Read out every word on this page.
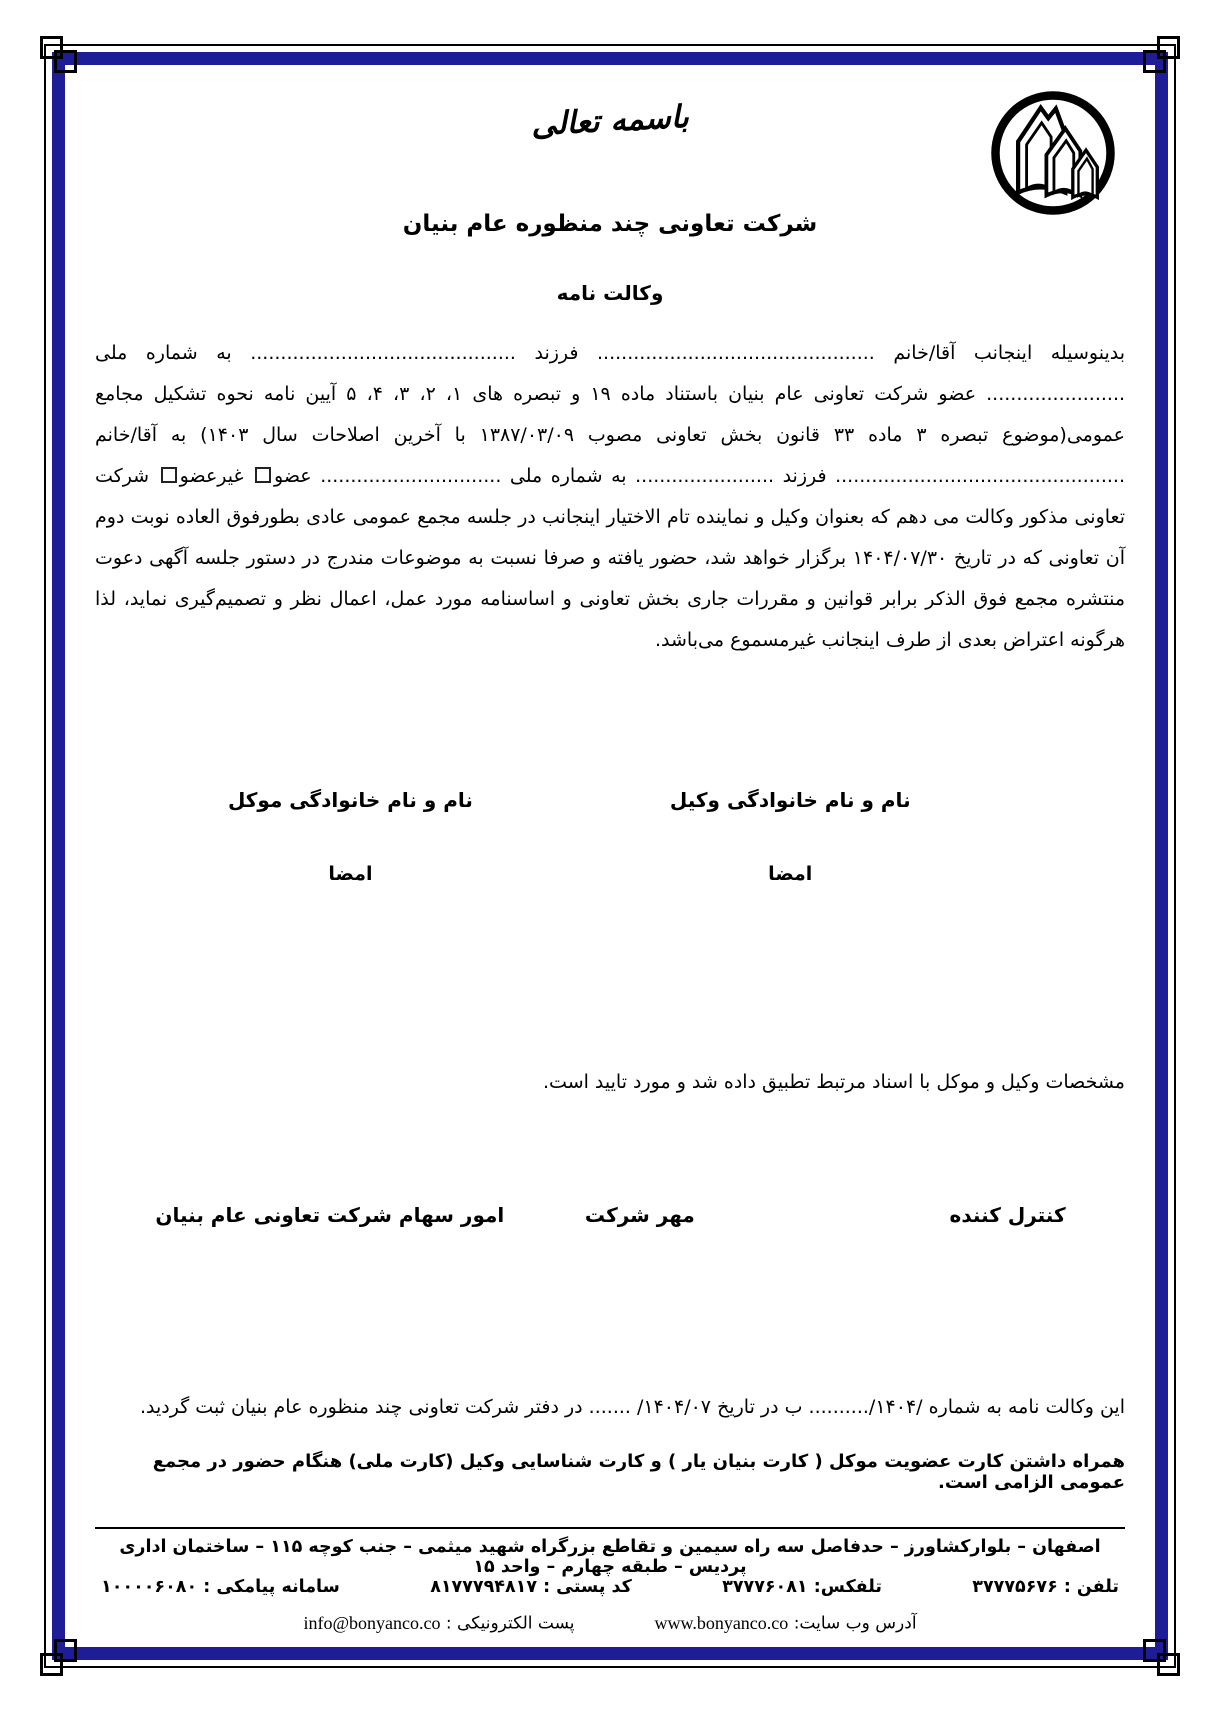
باسمه تعالی
شرکت تعاونی چند منظوره عام بنیان
وکالت نامه
بدینوسیله اینجانب آقا/خانم .............................................. فرزند ............................................ به شماره ملی ....................... عضو شرکت تعاونی عام بنیان باستناد ماده ۱۹ و تبصره های ۱، ۲، ۳، ۴، ۵ آیین نامه نحوه تشکیل مجامع عمومی(موضوع تبصره ۳ ماده ۳۳ قانون بخش تعاونی مصوب ۱۳۸۷/۰۳/۰۹ با آخرین اصلاحات سال ۱۴۰۳) به آقا/خانم ................................................ فرزند ....................... به شماره ملی .............................. عضو غیرعضو شرکت تعاونی مذکور وکالت می دهم که بعنوان وکیل و نماینده تام الاختیار اینجانب در جلسه مجمع عمومی عادی بطورفوق العاده نوبت دوم آن تعاونی که در تاریخ ۱۴۰۴/۰۷/۳۰ برگزار خواهد شد، حضور یافته و صرفا نسبت به موضوعات مندرج در دستور جلسه آگهی دعوت منتشره مجمع فوق الذکر برابر قوانین و مقررات جاری بخش تعاونی و اساسنامه مورد عمل، اعمال نظر و تصمیم‌گیری نماید، لذا هرگونه اعتراض بعدی از طرف اینجانب غیرمسموع می‌باشد.
نام و نام خانوادگی وکیل
نام و نام خانوادگی موکل
امضا
امضا
مشخصات وکیل و موکل با اسناد مرتبط تطبیق داده شد و مورد تایید است.
کنترل کننده
مهر شرکت
امور سهام شرکت تعاونی عام بنیان
این وکالت نامه به شماره ........../۱۴۰۴/ ب در تاریخ ....... /۱۴۰۴/۰۷ در دفتر شرکت تعاونی چند منظوره عام بنیان ثبت گردید.
همراه داشتن کارت عضویت موکل ( کارت بنیان یار ) و کارت شناسایی وکیل (کارت ملی) هنگام حضور در مجمع عمومی الزامی است.
اصفهان – بلوارکشاورز – حدفاصل سه راه سیمین و تقاطع بزرگراه شهید میثمی – جنب کوچه ۱۱۵ – ساختمان اداری پردیس – طبقه چهارم – واحد ۱۵
تلفن : ۳۷۷۷۵۶۷۶
تلفکس: ۳۷۷۷۶۰۸۱
کد پستی : ۸۱۷۷۷۹۴۸۱۷
سامانه پیامکی : ۱۰۰۰۰۶۰۸۰
آدرس وب سایت: www.bonyanco.co
پست الکترونیکی : info@bonyanco.co
